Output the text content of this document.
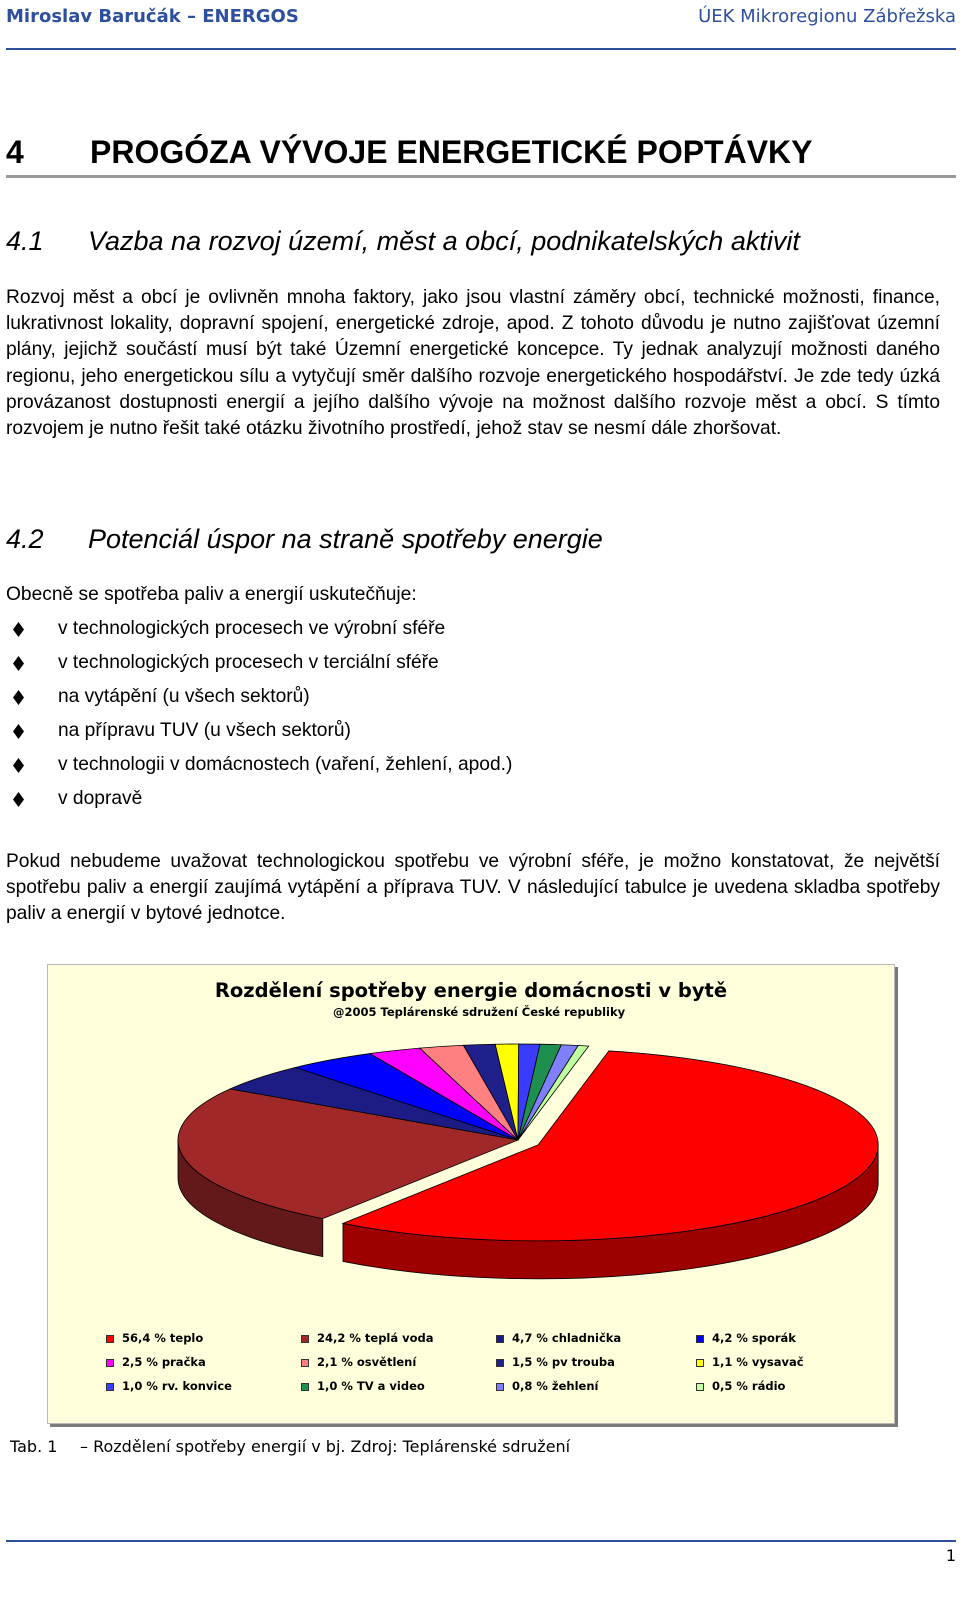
Miroslav Baručák – ENERGOS	ÚEK Mikroregionu Zábřežska
4 PROGÓZA VÝVOJE ENERGETICKÉ POPTÁVKY
4.1 Vazba na rozvoj území, měst a obcí, podnikatelských aktivit

Rozvoj měst a obcí je ovlivněn mnoha faktory, jako jsou vlastní záměry obcí, technické možnosti, finance, lukrativnost lokality, dopravní spojení, energetické zdroje, apod. Z tohoto důvodu je nutno zajišťovat územní plány, jejichž součástí musí být také Územní energetické koncepce. Ty jednak analyzují možnosti daného regionu, jeho energetickou sílu a vytyčují směr dalšího rozvoje energetického hospodářství. Je zde tedy úzká provázanost dostupnosti energií a jejího dalšího vývoje na možnost dalšího rozvoje měst a obcí. S tímto rozvojem je nutno řešit také otázku životního prostředí, jehož stav se nesmí dále zhoršovat.

4.2 Potenciál úspor na straně spotřeby energie

Obecně se spotřeba paliv a energií uskutečňuje:

v technologických procesech ve výrobní sféře
v technologických procesech v terciální sféře
na vytápění (u všech sektorů)
na přípravu TUV (u všech sektorů)
v technologii v domácnostech (vaření, žehlení, apod.)
v dopravě

Pokud nebudeme uvažovat technologickou spotřebu ve výrobní sféře, je možno konstatovat, že největší spotřebu paliv a energií zaujímá vytápění a příprava TUV. V následující tabulce je uvedena skladba spotřeby paliv a energií v bytové jednotce.

Rozdělení spotřeby energie domácnosti v bytě
@2005 Teplárenské sdružení České republiky
56,4 % teplo	24,2 % teplá voda	4,7 % chladnička	4,2 % sporák
2,5 % pračka	2,1 % osvětlení	1,5 % pv trouba	1,1 % vysavač
1,0 % rv. konvice	1,0 % TV a video	0,8 % žehlení	0,5 % rádio
Tab. 1 – Rozdělení spotřeby energií v bj. Zdroj: Teplárenské sdružení
1
